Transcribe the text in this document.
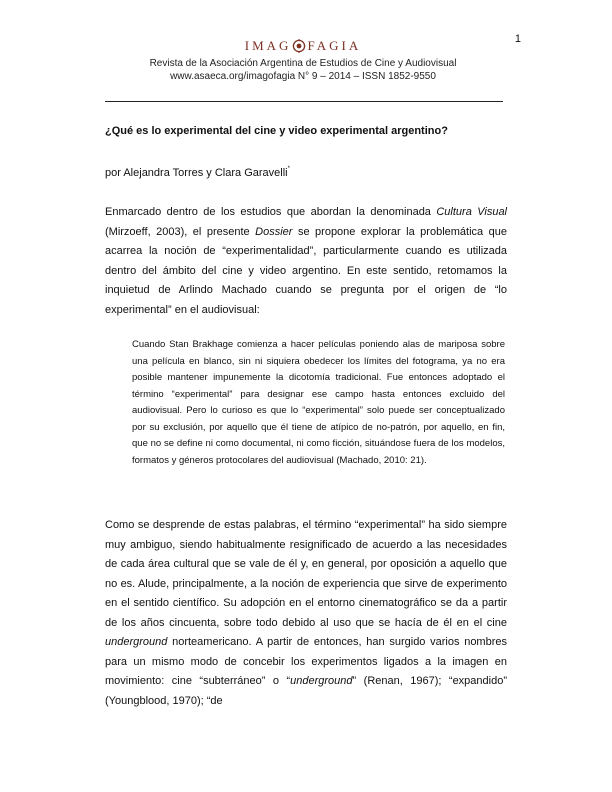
1
IMAG FAGIA
Revista de la Asociación Argentina de Estudios de Cine y Audiovisual
www.asaeca.org/imagofagia N° 9 – 2014 – ISSN 1852-9550
¿Qué es lo experimental del cine y video experimental argentino?
por Alejandra Torres y Clara Garavelli*
Enmarcado dentro de los estudios que abordan la denominada Cultura Visual (Mirzoeff, 2003), el presente Dossier se propone explorar la problemática que acarrea la noción de “experimentalidad”, particularmente cuando es utilizada dentro del ámbito del cine y video argentino. En este sentido, retomamos la inquietud de Arlindo Machado cuando se pregunta por el origen de “lo experimental” en el audiovisual:
Cuando Stan Brakhage comienza a hacer películas poniendo alas de mariposa sobre una película en blanco, sin ni siquiera obedecer los límites del fotograma, ya no era posible mantener impunemente la dicotomía tradicional. Fue entonces adoptado el término “experimental” para designar ese campo hasta entonces excluido del audiovisual. Pero lo curioso es que lo “experimental” solo puede ser conceptualizado por su exclusión, por aquello que él tiene de atípico de no-patrón, por aquello, en fin, que no se define ni como documental, ni como ficción, situándose fuera de los modelos, formatos y géneros protocolares del audiovisual (Machado, 2010: 21).
Como se desprende de estas palabras, el término “experimental” ha sido siempre muy ambiguo, siendo habitualmente resignificado de acuerdo a las necesidades de cada área cultural que se vale de él y, en general, por oposición a aquello que no es. Alude, principalmente, a la noción de experiencia que sirve de experimento en el sentido científico. Su adopción en el entorno cinematográfico se da a partir de los años cincuenta, sobre todo debido al uso que se hacía de él en el cine underground norteamericano. A partir de entonces, han surgido varios nombres para un mismo modo de concebir los experimentos ligados a la imagen en movimiento: cine “subterráneo” o “underground” (Renan, 1967); “expandido” (Youngblood, 1970); “de
